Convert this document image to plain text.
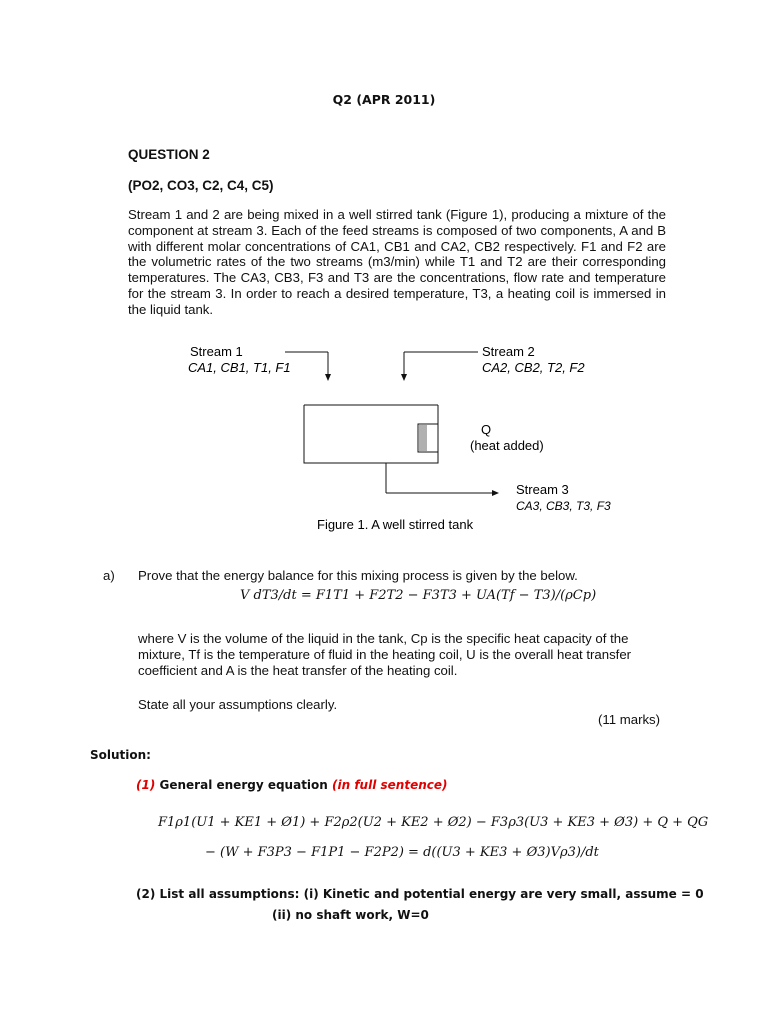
Q2 (APR 2011)
QUESTION 2
(PO2, CO3, C2, C4, C5)
Stream 1 and 2 are being mixed in a well stirred tank (Figure 1), producing a mixture of the component at stream 3. Each of the feed streams is composed of two components, A and B with different molar concentrations of CA1, CB1 and CA2, CB2 respectively. F1 and F2 are the volumetric rates of the two streams (m3/min) while T1 and T2 are their corresponding temperatures. The CA3, CB3, F3 and T3 are the concentrations, flow rate and temperature for the stream 3. In order to reach a desired temperature, T3, a heating coil is immersed in the liquid tank.
Stream 1
CA1, CB1, T1, F1
Stream 2
CA2, CB2, T2, F2
Q
(heat added)
Stream 3
CA3, CB3, T3, F3
Figure 1. A well stirred tank
a) Prove that the energy balance for this mixing process is given by the below.
V dT3/dt = F1T1 + F2T2 − F3T3 + UA(Tf − T3)/(ρCp)
where V is the volume of the liquid in the tank, Cp is the specific heat capacity of the mixture, Tf is the temperature of fluid in the heating coil, U is the overall heat transfer coefficient and A is the heat transfer of the heating coil.
State all your assumptions clearly.
(11 marks)
Solution:
(1) General energy equation (in full sentence)
F1ρ1(U1 + KE1 + Ø1) + F2ρ2(U2 + KE2 + Ø2) − F3ρ3(U3 + KE3 + Ø3) + Q + QG
− (W + F3P3 − F1P1 − F2P2) = d((U3 + KE3 + Ø3)Vρ3)/dt
(2) List all assumptions: (i) Kinetic and potential energy are very small, assume = 0
(ii) no shaft work, W=0
